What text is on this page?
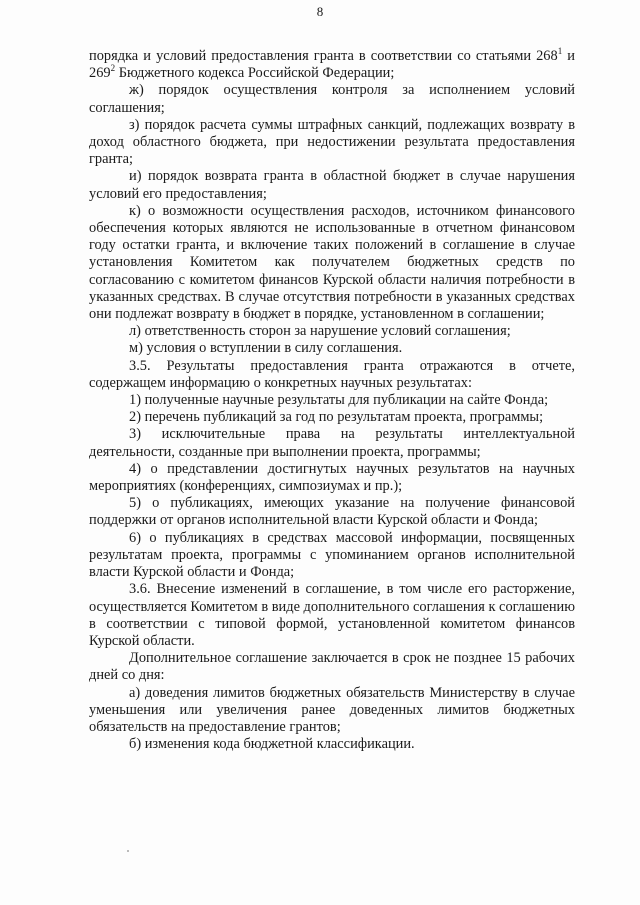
8

порядка и условий предоставления гранта в соответствии со статьями $268^1$ и $269^2$ Бюджетного кодекса Российской Федерации;

ж) порядок осуществления контроля за исполнением условий соглашения;

з) порядок расчета суммы штрафных санкций, подлежащих возврату в доход областного бюджета, при недостижении результата предоставления гранта;

и) порядок возврата гранта в областной бюджет в случае нарушения условий его предоставления;

к) о возможности осуществления расходов, источником финансового обеспечения которых являются не использованные в отчетном финансовом году остатки гранта, и включение таких положений в соглашение в случае установления Комитетом как получателем бюджетных средств по согласованию с комитетом финансов Курской области наличия потребности в указанных средствах. В случае отсутствия потребности в указанных средствах они подлежат возврату в бюджет в порядке, установленном в соглашении;

л) ответственность сторон за нарушение условий соглашения;

м) условия о вступлении в силу соглашения.

3.5. Результаты предоставления гранта отражаются в отчете, содержащем информацию о конкретных научных результатах:

1) полученные научные результаты для публикации на сайте Фонда;

2) перечень публикаций за год по результатам проекта, программы;

3) исключительные права на результаты интеллектуальной деятельности, созданные при выполнении проекта, программы;

4) о представлении достигнутых научных результатов на научных мероприятиях (конференциях, симпозиумах и пр.);

5) о публикациях, имеющих указание на получение финансовой поддержки от органов исполнительной власти Курской области и Фонда;

6) о публикациях в средствах массовой информации, посвященных результатам проекта, программы с упоминанием органов исполнительной власти Курской области и Фонда;

3.6. Внесение изменений в соглашение, в том числе его расторжение, осуществляется Комитетом в виде дополнительного соглашения к соглашению в соответствии с типовой формой, установленной комитетом финансов Курской области.

Дополнительное соглашение заключается в срок не позднее 15 рабочих дней со дня:

а) доведения лимитов бюджетных обязательств Министерству в случае уменьшения или увеличения ранее доведенных лимитов бюджетных обязательств на предоставление грантов;

б) изменения кода бюджетной классификации.
